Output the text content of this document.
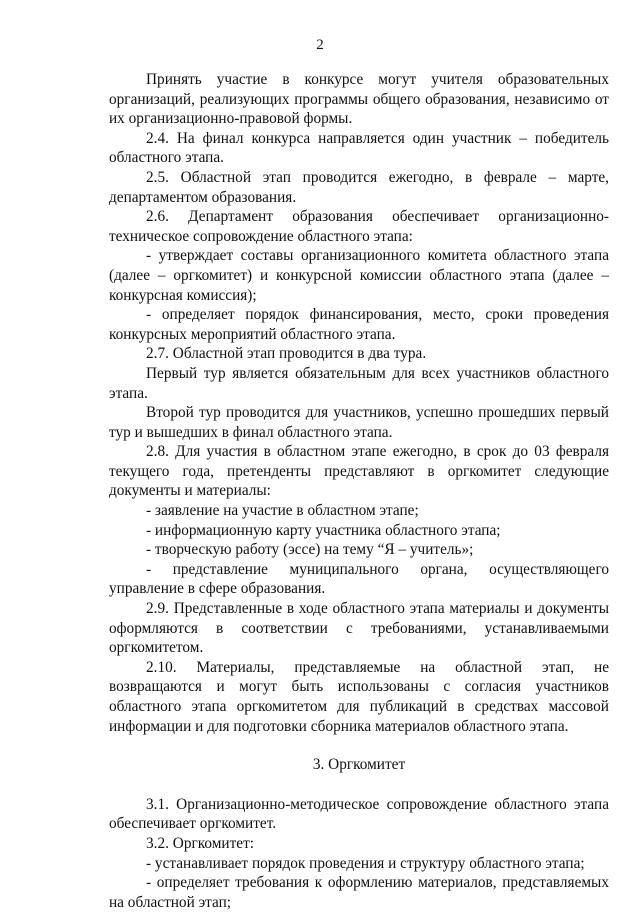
2

Принять участие в конкурсе могут учителя образовательных организаций, реализующих программы общего образования, независимо от их организационно-правовой формы.

2.4. На финал конкурса направляется один участник – победитель областного этапа.

2.5. Областной этап проводится ежегодно, в феврале – марте, департаментом образования.

2.6. Департамент образования обеспечивает организационно-техническое сопровождение областного этапа:

- утверждает составы организационного комитета областного этапа (далее – оргкомитет) и конкурсной комиссии областного этапа (далее – конкурсная комиссия);

- определяет порядок финансирования, место, сроки проведения конкурсных мероприятий областного этапа.

2.7. Областной этап проводится в два тура.

Первый тур является обязательным для всех участников областного этапа.

Второй тур проводится для участников, успешно прошедших первый тур и вышедших в финал областного этапа.

2.8. Для участия в областном этапе ежегодно, в срок до 03 февраля текущего года, претенденты представляют в оргкомитет следующие документы и материалы:

- заявление на участие в областном этапе;

- информационную карту участника областного этапа;

- творческую работу (эссе) на тему “Я – учитель»;

- представление муниципального органа, осуществляющего управление в сфере образования.

2.9. Представленные в ходе областного этапа материалы и документы оформляются в соответствии с требованиями, устанавливаемыми оргкомитетом.

2.10. Материалы, представляемые на областной этап, не возвращаются и могут быть использованы с согласия участников областного этапа оргкомитетом для публикаций в средствах массовой информации и для подготовки сборника материалов областного этапа.

3. Оргкомитет

3.1. Организационно-методическое сопровождение областного этапа обеспечивает оргкомитет.

3.2. Оргкомитет:

- устанавливает порядок проведения и структуру областного этапа;

- определяет требования к оформлению материалов, представляемых на областной этап;
